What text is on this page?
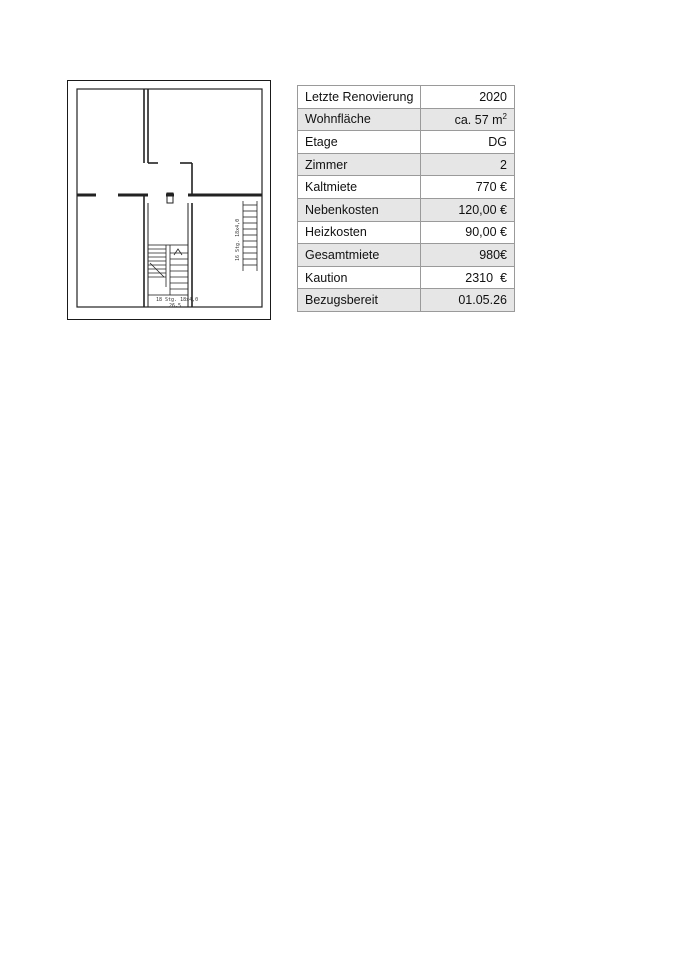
18 Stg. 18x4,0
26,5
16 Stg. 18x4,0
Letzte Renovierung	2020
Wohnfläche	ca. 57 $m^2$
Etage	DG
Zimmer	2
Kaltmiete	770 €
Nebenkosten	120,00 €
Heizkosten	90,00 €
Gesamtmiete	980€
Kaution	2310  €
Bezugsbereit	01.05.26
